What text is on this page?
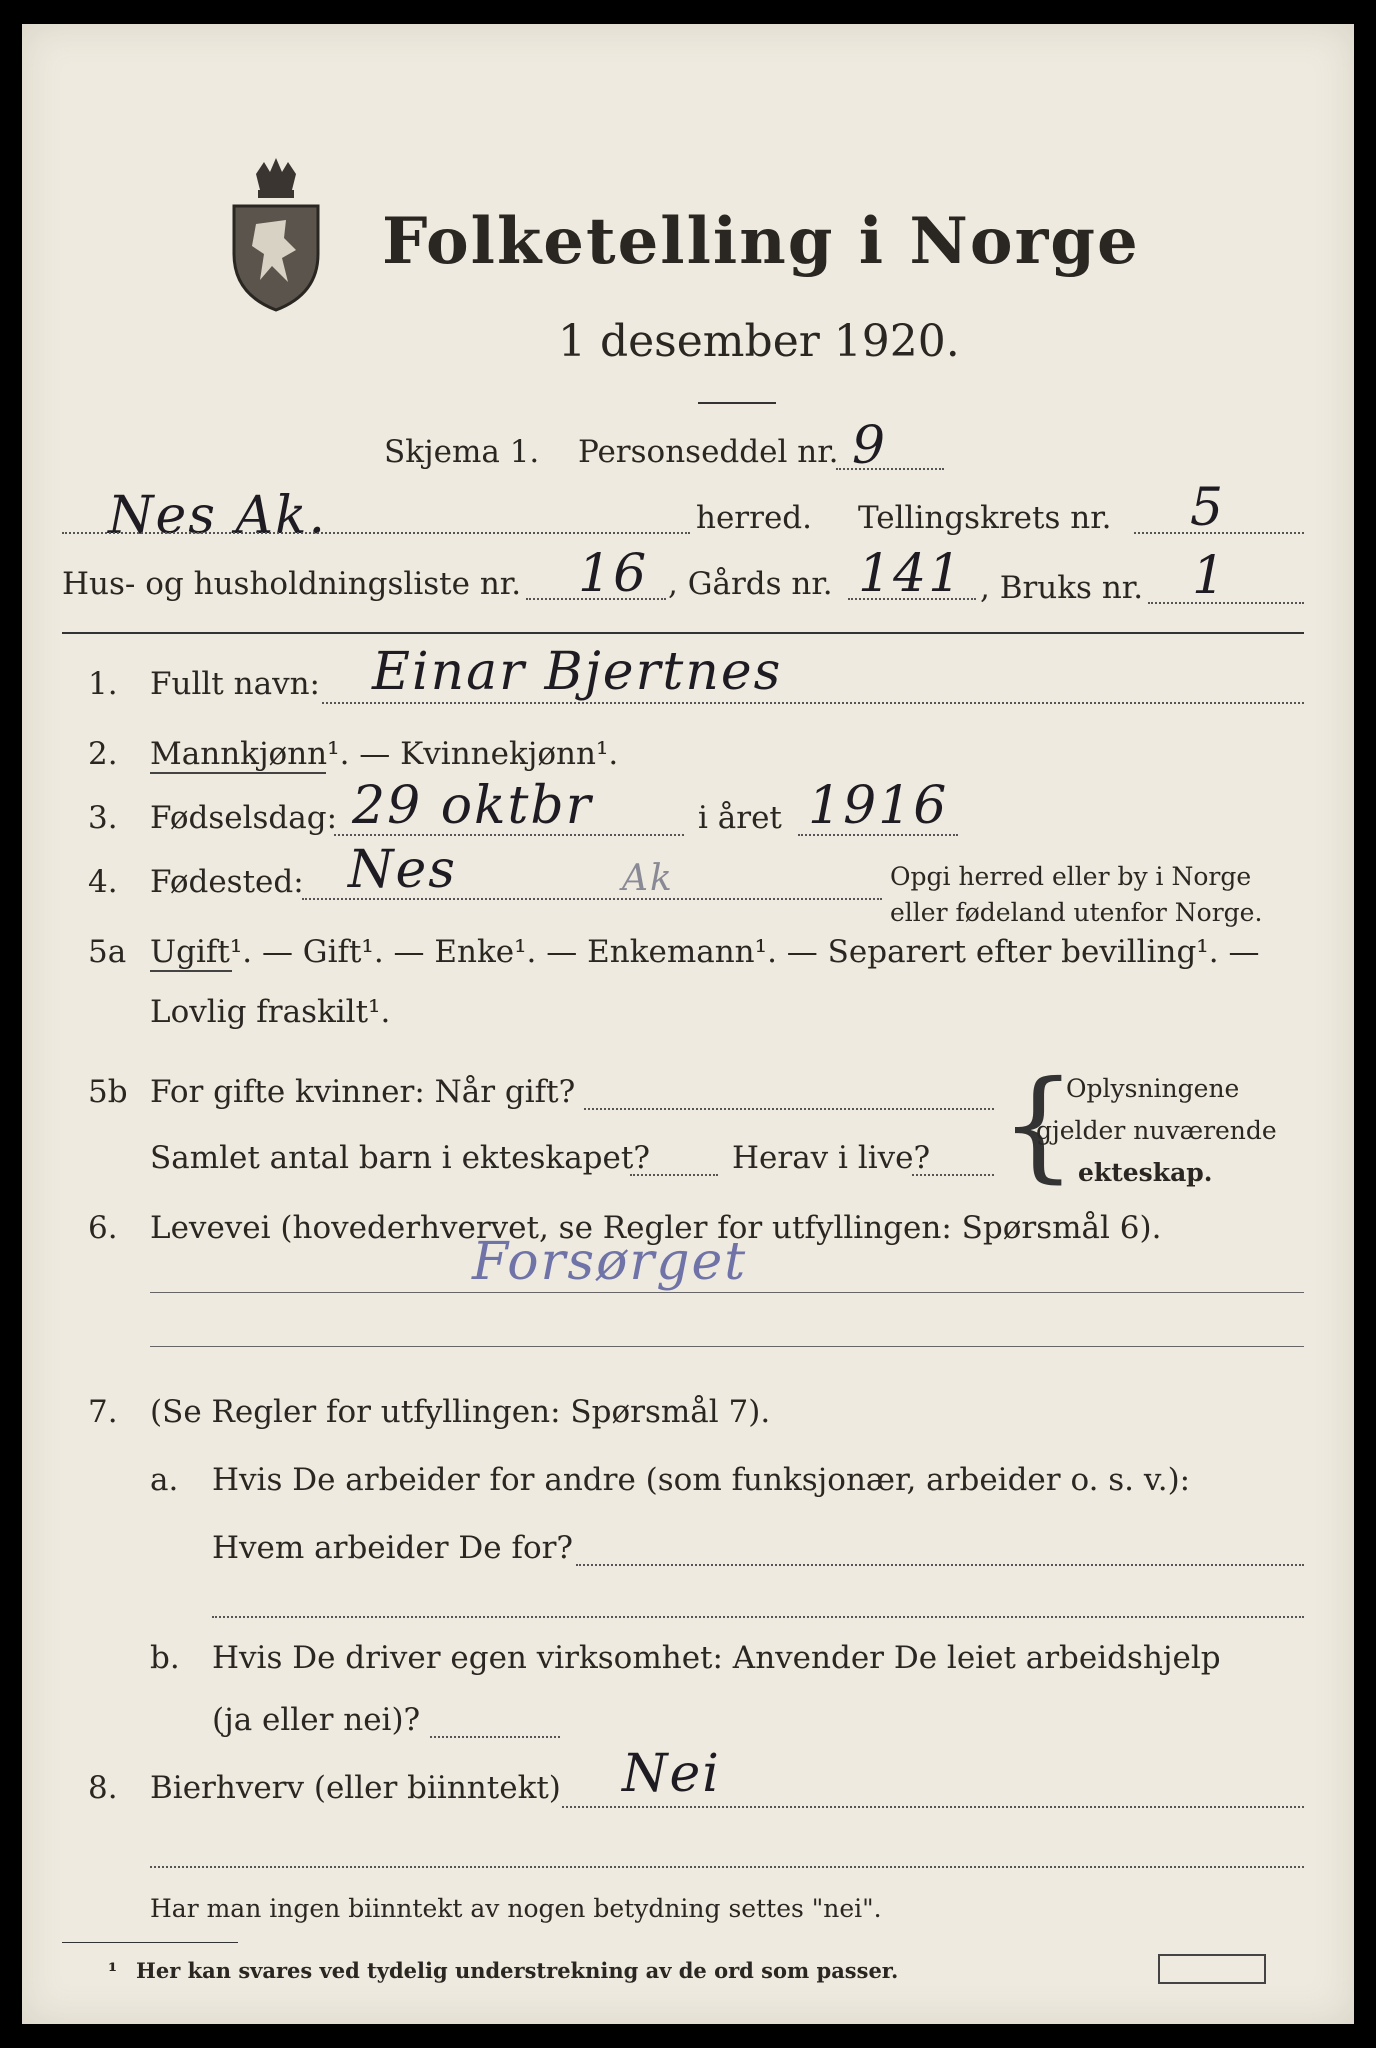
Folketelling i Norge
1 desember 1920.
Skjema 1. Personseddel nr. 9
Nes Ak.	herred. Tellingskrets nr. 5
Hus- og husholdningsliste nr. 16 , Gårds nr. 141 , Bruks nr. 1
1. Fullt navn: Einar Bjertnes
2. Mannkjønn¹. — Kvinnekjønn¹.
3. Fødselsdag: 29 oktbr	i året 1916
4. Fødested: Nes	Ak	Opgi herred eller by i Norge
eller fødeland utenfor Norge.
5a Ugift¹. — Gift¹. — Enke¹. — Enkemann¹. — Separert efter bevilling¹. —
Lovlig fraskilt¹.
5b For gifte kvinner: Når gift?
Samlet antal barn i ekteskapet?	Herav i live? {
Oplysningene
gjelder nuværende
ekteskap.
6. Levevei (hovederhvervet, se Regler for utfyllingen: Spørsmål 6).
Forsørget
7. (Se Regler for utfyllingen: Spørsmål 7).
a. Hvis De arbeider for andre (som funksjonær, arbeider o. s. v.):
Hvem arbeider De for?
b. Hvis De driver egen virksomhet: Anvender De leiet arbeidshjelp
(ja eller nei)?
8. Bierhverv (eller biinntekt) Nei
Har man ingen biinntekt av nogen betydning settes "nei".
¹ Her kan svares ved tydelig understrekning av de ord som passer.
